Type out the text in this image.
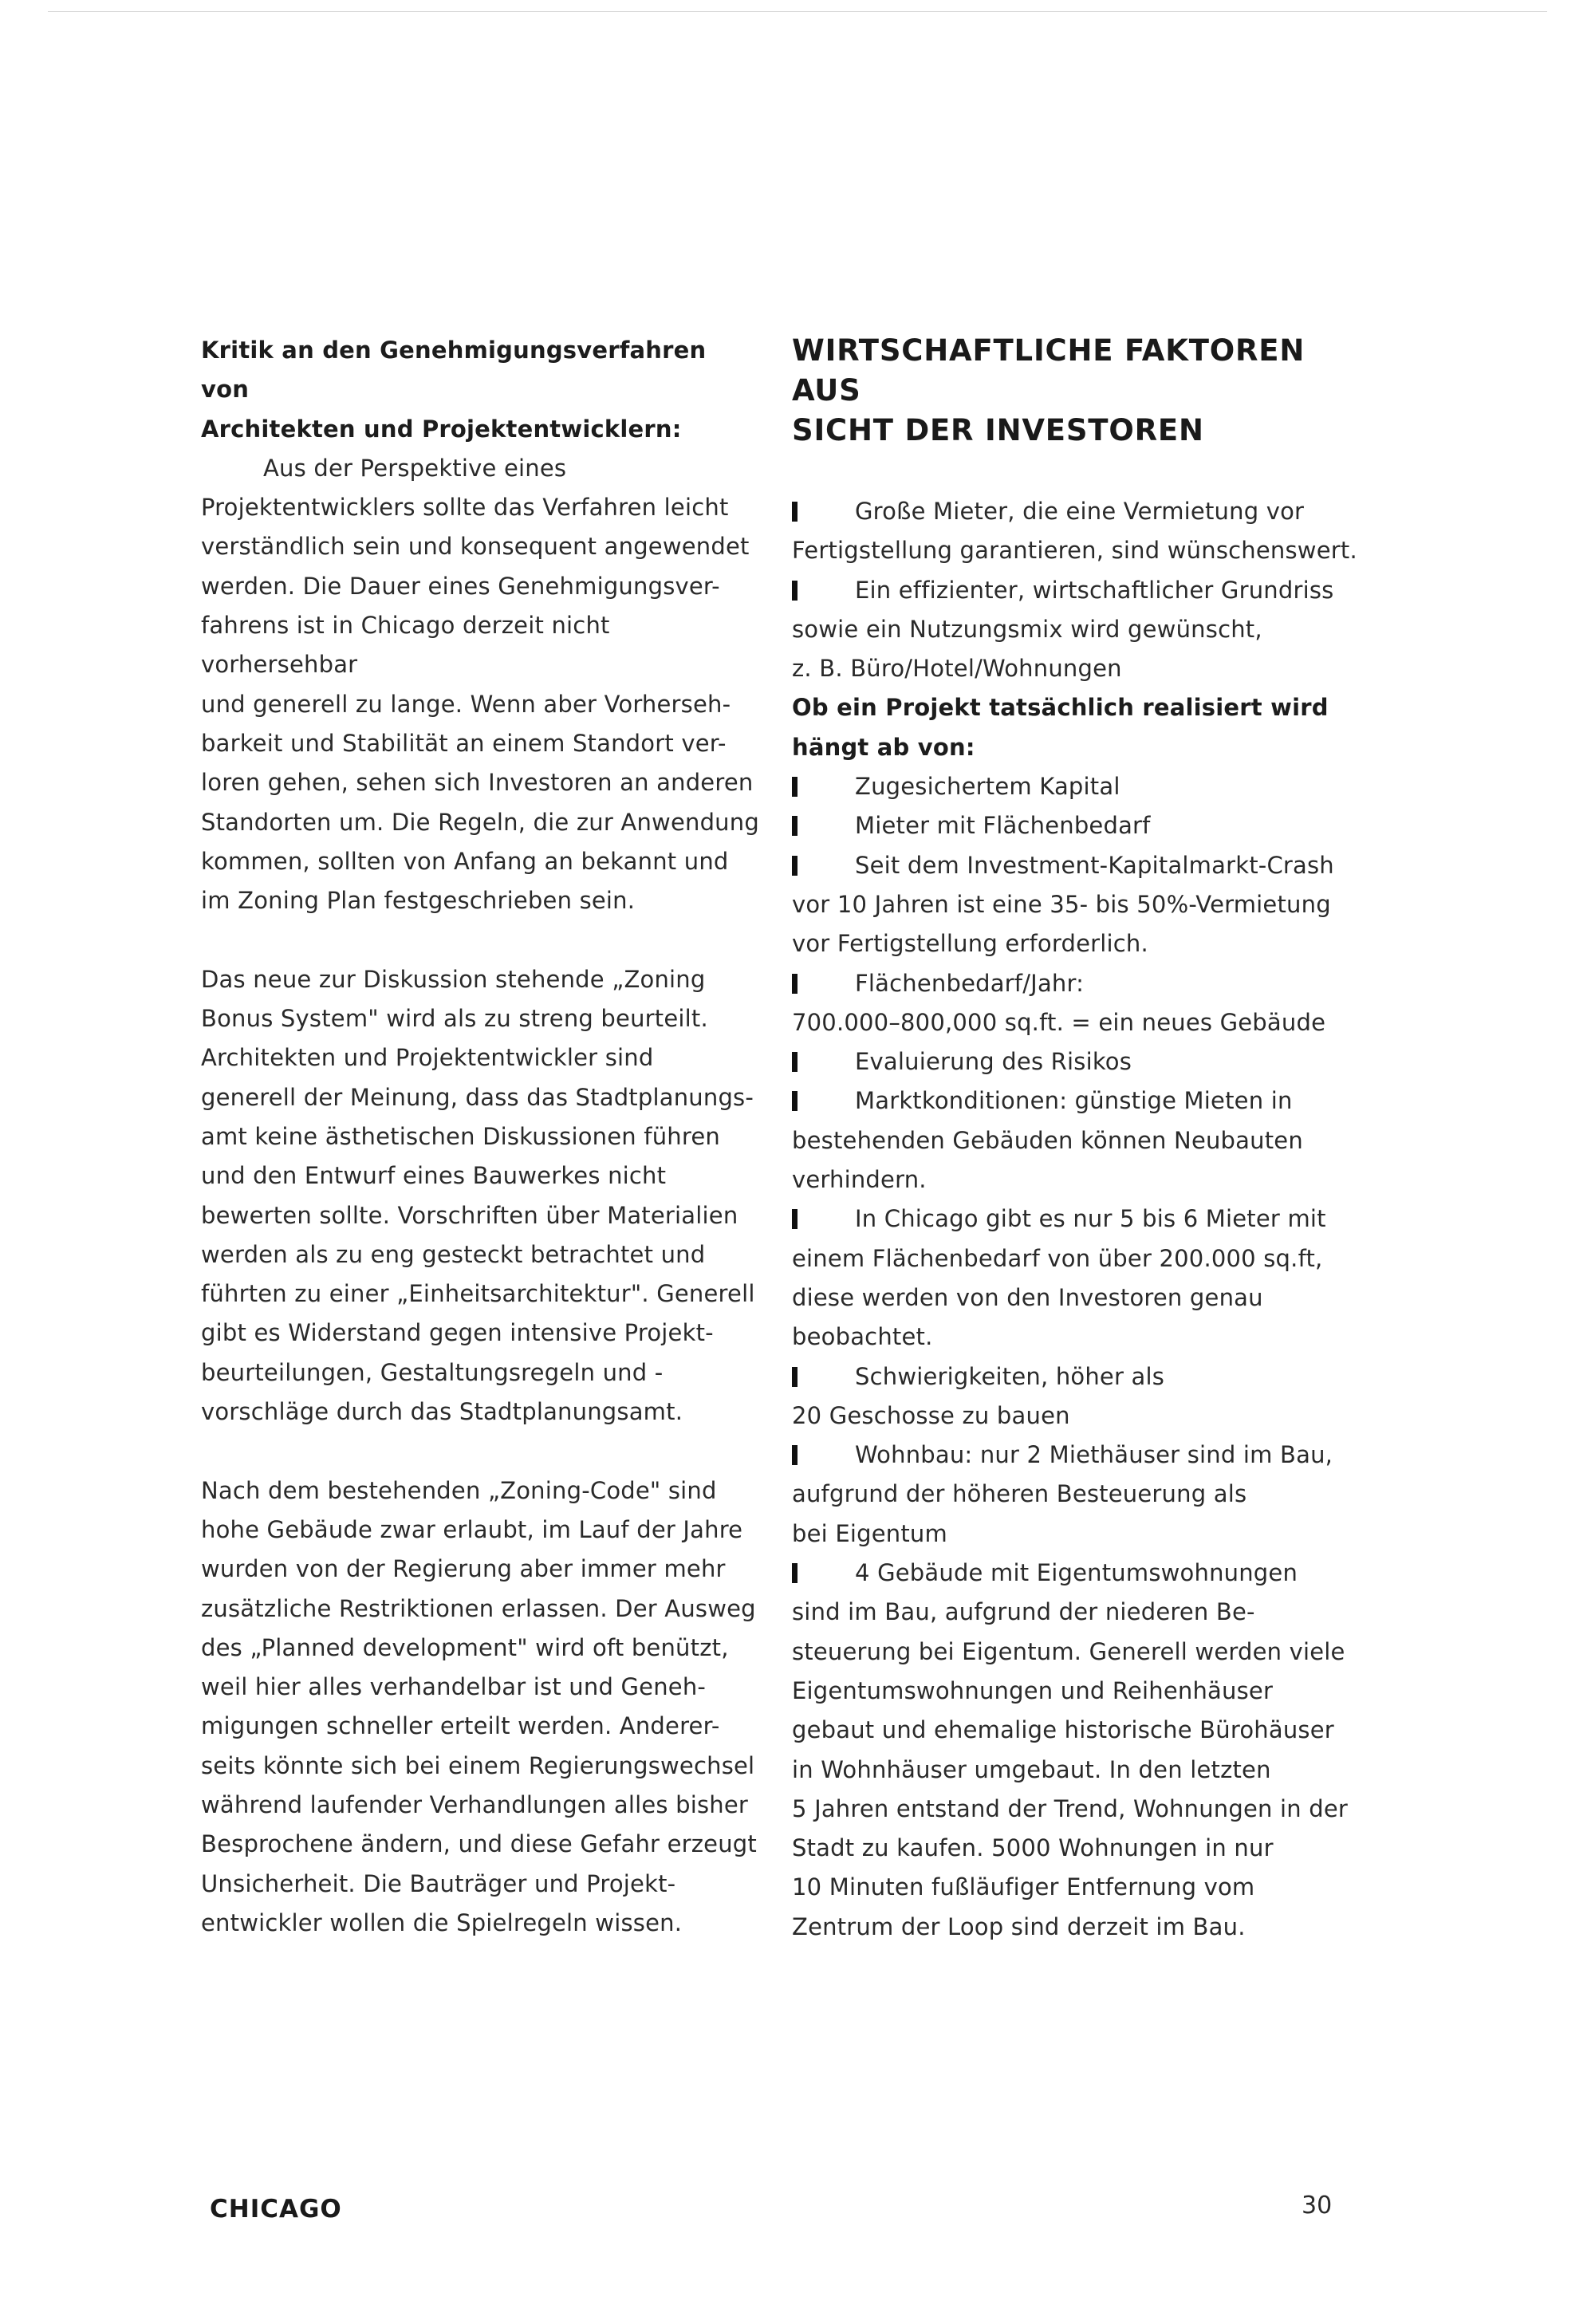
Kritik an den Genehmigungsverfahren von
Architekten und Projektentwicklern:
Aus der Perspektive eines
Projektentwicklers sollte das Verfahren leicht
verständlich sein und konsequent angewendet
werden. Die Dauer eines Genehmigungsver-
fahrens ist in Chicago derzeit nicht vorhersehbar
und generell zu lange. Wenn aber Vorherseh-
barkeit und Stabilität an einem Standort ver-
loren gehen, sehen sich Investoren an anderen
Standorten um. Die Regeln, die zur Anwendung
kommen, sollten von Anfang an bekannt und
im Zoning Plan festgeschrieben sein.
Das neue zur Diskussion stehende „Zoning
Bonus System" wird als zu streng beurteilt.
Architekten und Projektentwickler sind
generell der Meinung, dass das Stadtplanungs-
amt keine ästhetischen Diskussionen führen
und den Entwurf eines Bauwerkes nicht
bewerten sollte. Vorschriften über Materialien
werden als zu eng gesteckt betrachtet und
führten zu einer „Einheitsarchitektur". Generell
gibt es Widerstand gegen intensive Projekt-
beurteilungen, Gestaltungsregeln und -
vorschläge durch das Stadtplanungsamt.
Nach dem bestehenden „Zoning-Code" sind
hohe Gebäude zwar erlaubt, im Lauf der Jahre
wurden von der Regierung aber immer mehr
zusätzliche Restriktionen erlassen. Der Ausweg
des „Planned development" wird oft benützt,
weil hier alles verhandelbar ist und Geneh-
migungen schneller erteilt werden. Anderer-
seits könnte sich bei einem Regierungswechsel
während laufender Verhandlungen alles bisher
Besprochene ändern, und diese Gefahr erzeugt
Unsicherheit. Die Bauträger und Projekt-
entwickler wollen die Spielregeln wissen.
WIRTSCHAFTLICHE FAKTOREN AUS
SICHT DER INVESTOREN
Große Mieter, die eine Vermietung vor
Fertigstellung garantieren, sind wünschenswert.
Ein effizienter, wirtschaftlicher Grundriss
sowie ein Nutzungsmix wird gewünscht,
z. B. Büro/Hotel/Wohnungen
Ob ein Projekt tatsächlich realisiert wird
hängt ab von:
Zugesichertem Kapital
Mieter mit Flächenbedarf
Seit dem Investment-Kapitalmarkt-Crash
vor 10 Jahren ist eine 35- bis 50%-Vermietung
vor Fertigstellung erforderlich.
Flächenbedarf/Jahr:
700.000–800,000 sq.ft. = ein neues Gebäude
Evaluierung des Risikos
Marktkonditionen: günstige Mieten in
bestehenden Gebäuden können Neubauten
verhindern.
In Chicago gibt es nur 5 bis 6 Mieter mit
einem Flächenbedarf von über 200.000 sq.ft,
diese werden von den Investoren genau
beobachtet.
Schwierigkeiten, höher als
20 Geschosse zu bauen
Wohnbau: nur 2 Miethäuser sind im Bau,
aufgrund der höheren Besteuerung als
bei Eigentum
4 Gebäude mit Eigentumswohnungen
sind im Bau, aufgrund der niederen Be-
steuerung bei Eigentum. Generell werden viele
Eigentumswohnungen und Reihenhäuser
gebaut und ehemalige historische Bürohäuser
in Wohnhäuser umgebaut. In den letzten
5 Jahren entstand der Trend, Wohnungen in der
Stadt zu kaufen. 5000 Wohnungen in nur
10 Minuten fußläufiger Entfernung vom
Zentrum der Loop sind derzeit im Bau.
CHICAGO	30
